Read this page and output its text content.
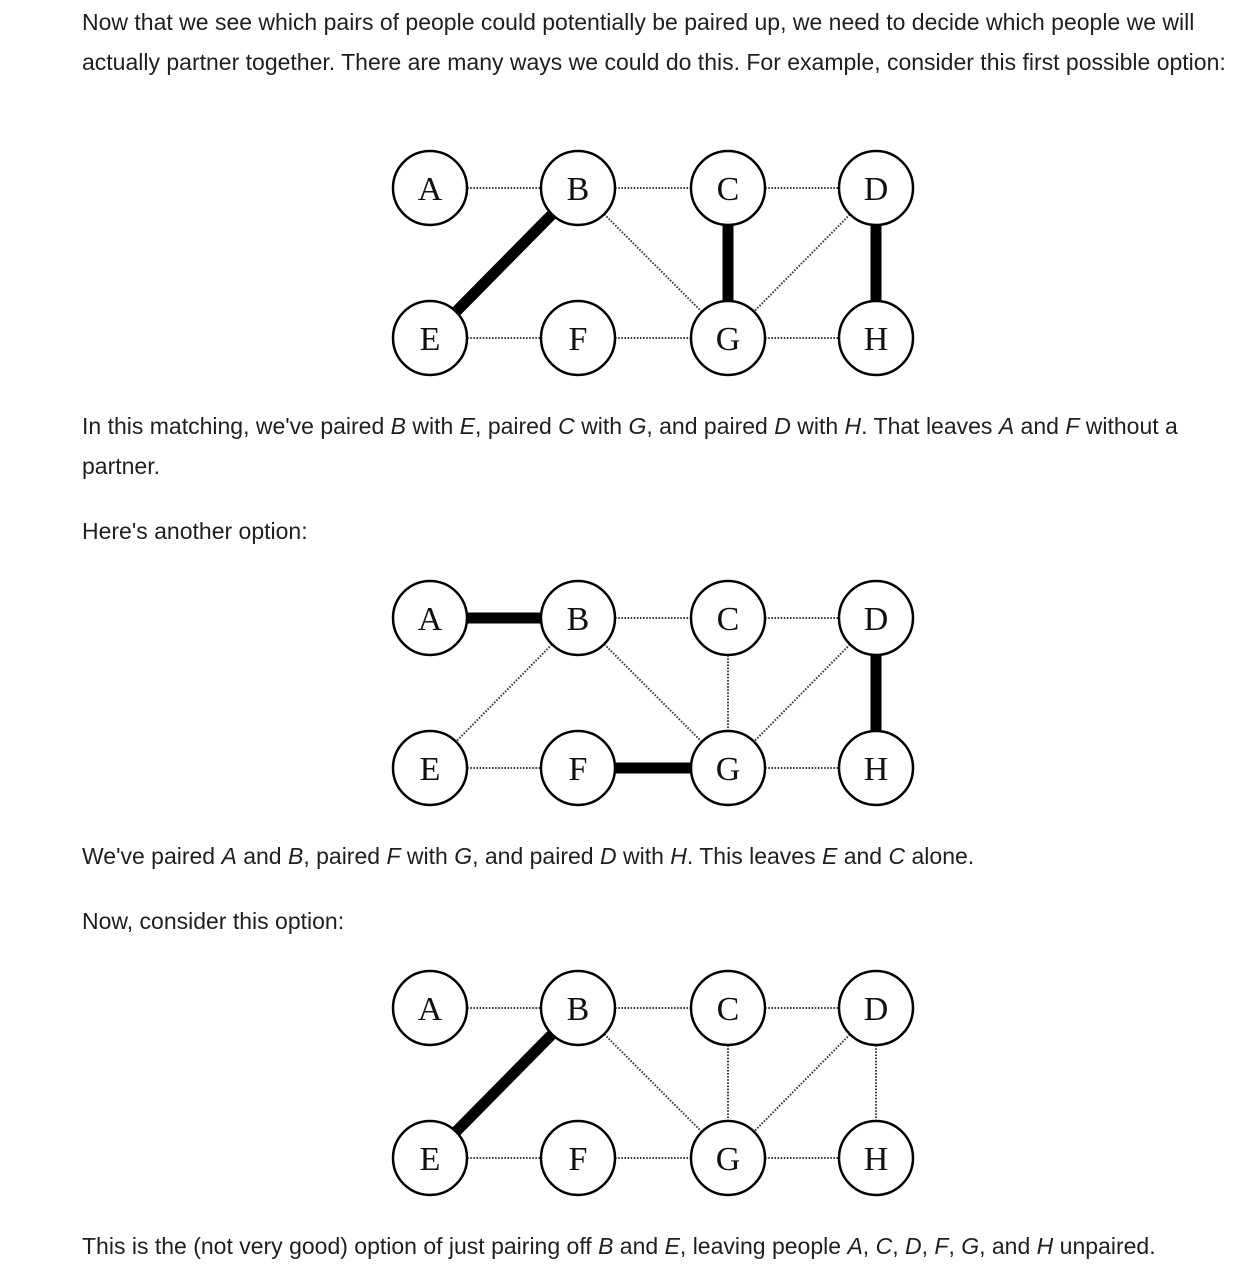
Now that we see which pairs of people could potentially be paired up, we need to decide which people we will actually partner together. There are many ways we could do this. For example, consider this first possible option:

A	B	C	D
E	F	G	H

In this matching, we've paired B with E, paired C with G, and paired D with H. That leaves A and F without a partner.

Here's another option:

A	B	C	D
E	F	G	H

We've paired A and B, paired F with G, and paired D with H. This leaves E and C alone.

Now, consider this option:

A	B	C	D
E	F	G	H

This is the (not very good) option of just pairing off B and E, leaving people A, C, D, F, G, and H unpaired.
